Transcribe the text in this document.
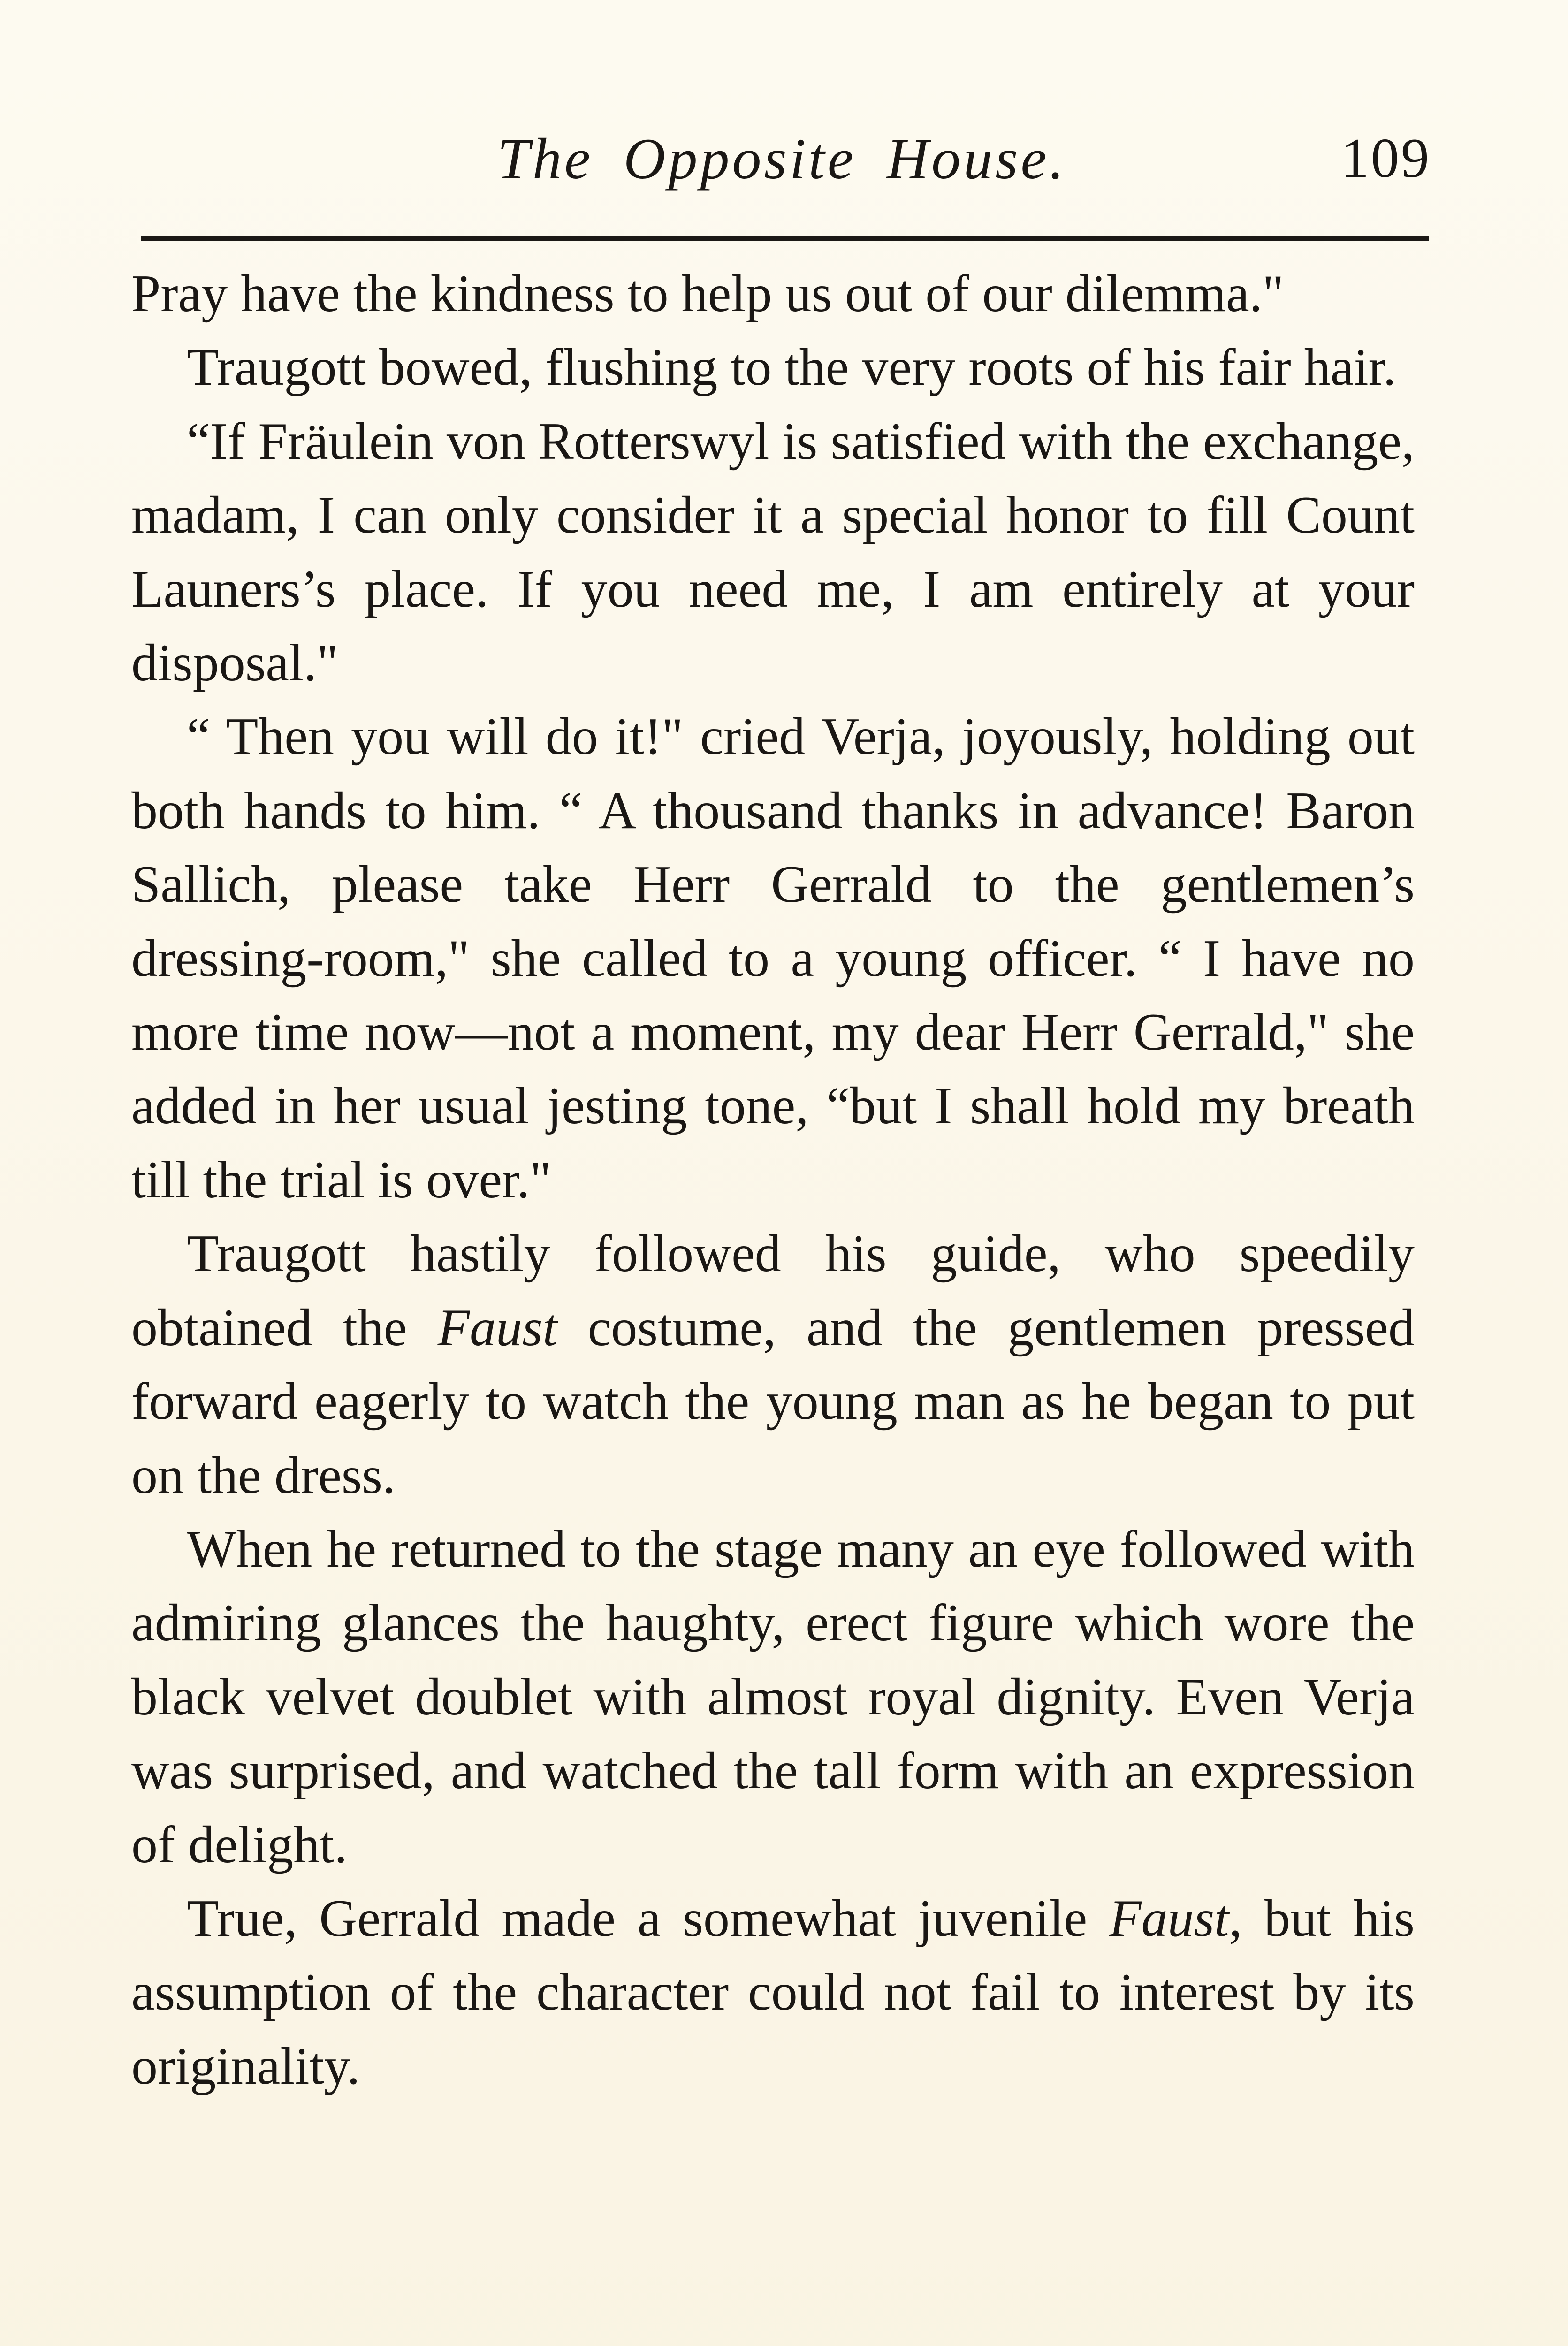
The Opposite House.	109

Pray have the kindness to help us out of our dilemma."

Traugott bowed, flushing to the very roots of his fair hair.

“If Fräulein von Rotterswyl is satisfied with the exchange, madam, I can only consider it a special honor to fill Count Launers’s place. If you need me, I am entirely at your disposal."

“ Then you will do it!" cried Verja, joyously, holding out both hands to him. “ A thousand thanks in advance! Baron Sallich, please take Herr Gerrald to the gentlemen’s dressing-room," she called to a young officer. “ I have no more time now—not a moment, my dear Herr Gerrald," she added in her usual jesting tone, “but I shall hold my breath till the trial is over."

Traugott hastily followed his guide, who speedily obtained the Faust costume, and the gentlemen pressed forward eagerly to watch the young man as he began to put on the dress.

When he returned to the stage many an eye followed with admiring glances the haughty, erect figure which wore the black velvet doublet with almost royal dignity. Even Verja was surprised, and watched the tall form with an expression of delight.

True, Gerrald made a somewhat juvenile Faust, but his assumption of the character could not fail to interest by its originality.
